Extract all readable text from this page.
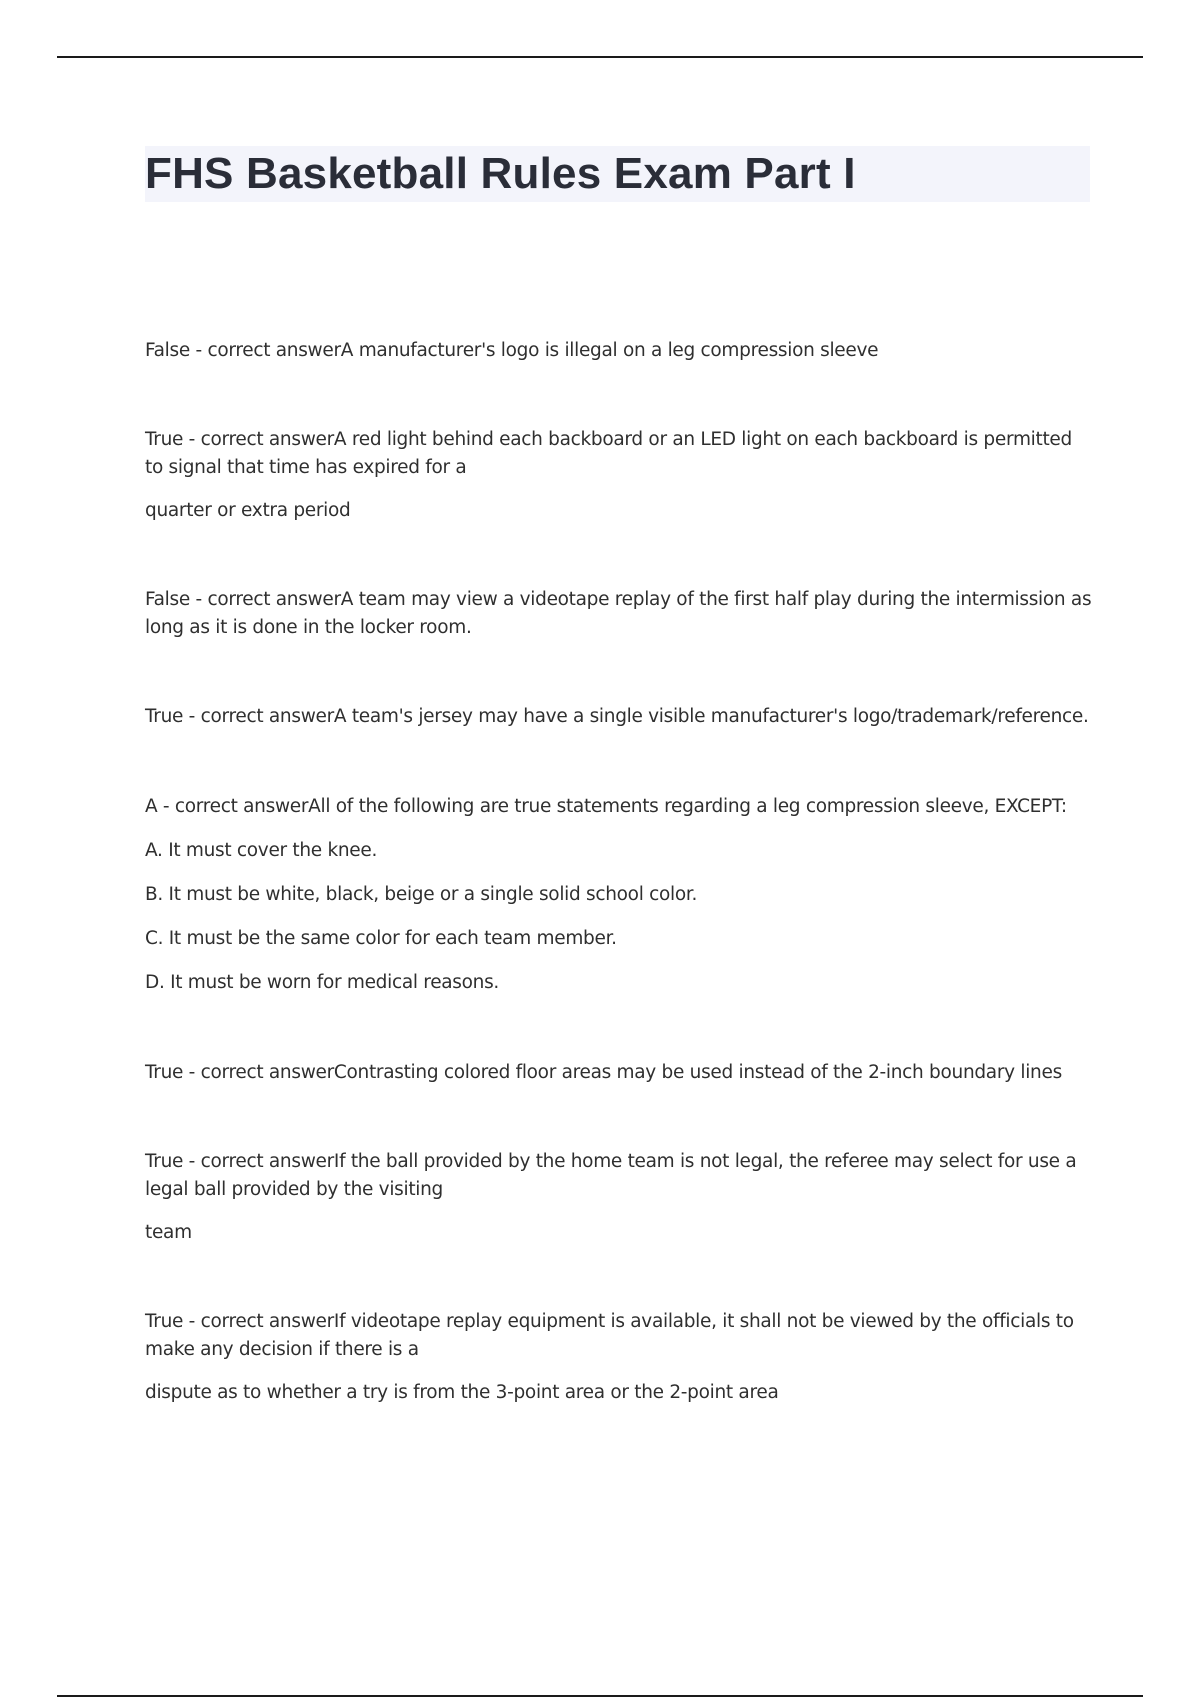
FHS Basketball Rules Exam Part I

False - correct answerA manufacturer's logo is illegal on a leg compression sleeve

True - correct answerA red light behind each backboard or an LED light on each backboard is permitted to signal that time has expired for a

quarter or extra period

False - correct answerA team may view a videotape replay of the first half play during the intermission as long as it is done in the locker room.

True - correct answerA team's jersey may have a single visible manufacturer's logo/trademark/reference.

A - correct answerAll of the following are true statements regarding a leg compression sleeve, EXCEPT:

A. It must cover the knee.

B. It must be white, black, beige or a single solid school color.

C. It must be the same color for each team member.

D. It must be worn for medical reasons.

True - correct answerContrasting colored floor areas may be used instead of the 2-inch boundary lines

True - correct answerIf the ball provided by the home team is not legal, the referee may select for use a legal ball provided by the visiting

team

True - correct answerIf videotape replay equipment is available, it shall not be viewed by the officials to make any decision if there is a

dispute as to whether a try is from the 3-point area or the 2-point area
